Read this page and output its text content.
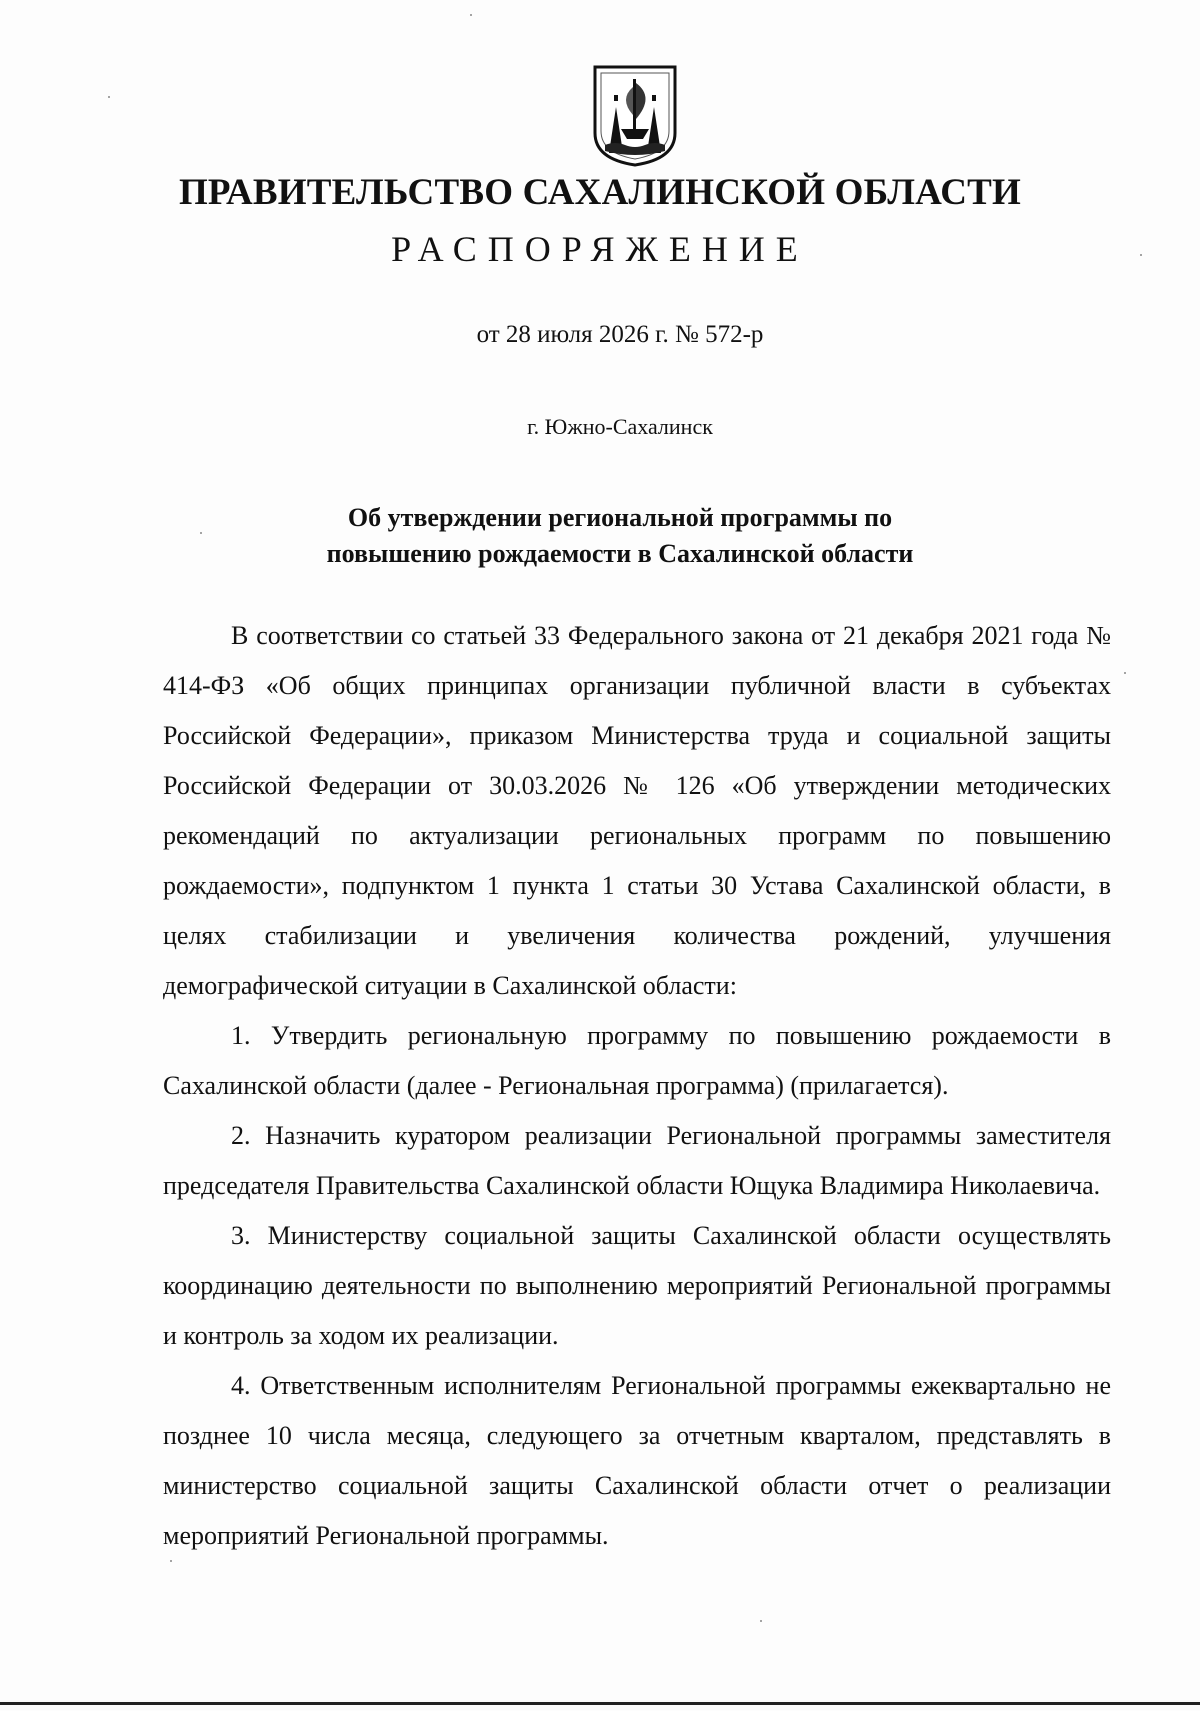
ПРАВИТЕЛЬСТВО САХАЛИНСКОЙ ОБЛАСТИ
РАСПОРЯЖЕНИЕ
от 28 июля 2026 г. № 572-р
г. Южно-Сахалинск
Об утверждении региональной программы по
повышению рождаемости в Сахалинской области

В соответствии со статьей 33 Федерального закона от 21 декабря 2021 года № 414-ФЗ «Об общих принципах организации публичной власти в субъектах Российской Федерации», приказом Министерства труда и социальной защиты Российской Федерации от 30.03.2026 № 126 «Об утверждении методических рекомендаций по актуализации региональных программ по повышению рождаемости», подпунктом 1 пункта 1 статьи 30 Устава Сахалинской области, в целях стабилизации и увеличения количества рождений, улучшения демографической ситуации в Сахалинской области:

1. Утвердить региональную программу по повышению рождаемости в Сахалинской области (далее - Региональная программа) (прилагается).

2. Назначить куратором реализации Региональной программы заместителя председателя Правительства Сахалинской области Ющука Владимира Николаевича.

3. Министерству социальной защиты Сахалинской области осуществлять координацию деятельности по выполнению мероприятий Региональной программы и контроль за ходом их реализации.

4. Ответственным исполнителям Региональной программы ежеквартально не позднее 10 числа месяца, следующего за отчетным кварталом, представлять в министерство социальной защиты Сахалинской области отчет о реализации мероприятий Региональной программы.
